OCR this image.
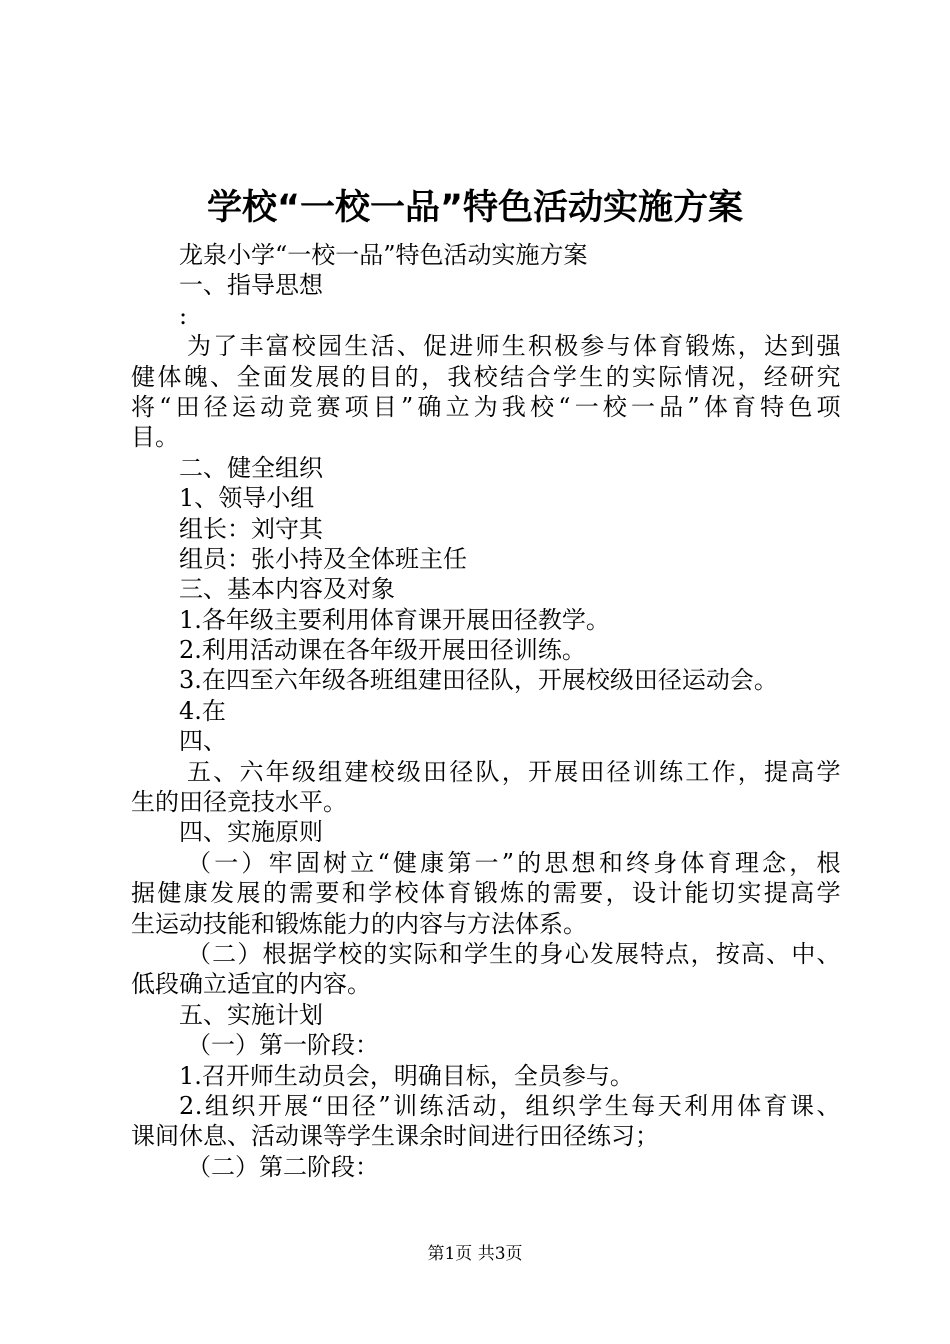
学校“一校一品”特色活动实施方案
龙泉小学“一校一品”特色活动实施方案
一、指导思想
:
为了丰富校园生活、促进师生积极参与体育锻炼，达到强
健体魄、全面发展的目的，我校结合学生的实际情况，经研究
将“田径运动竞赛项目”确立为我校“一校一品”体育特色项
目。
二、健全组织
1、领导小组
组长：刘守其
组员：张小持及全体班主任
三、基本内容及对象
1.各年级主要利用体育课开展田径教学。
2.利用活动课在各年级开展田径训练。
3.在四至六年级各班组建田径队，开展校级田径运动会。
4.在
四、
五、六年级组建校级田径队，开展田径训练工作，提高学
生的田径竞技水平。
四、实施原则
（一）牢固树立“健康第一”的思想和终身体育理念，根
据健康发展的需要和学校体育锻炼的需要，设计能切实提高学
生运动技能和锻炼能力的内容与方法体系。
（二）根据学校的实际和学生的身心发展特点，按高、中、
低段确立适宜的内容。
五、实施计划
（一）第一阶段：
1.召开师生动员会，明确目标，全员参与。
2.组织开展“田径”训练活动，组织学生每天利用体育课、
课间休息、活动课等学生课余时间进行田径练习；
（二）第二阶段：
第1页 共3页
